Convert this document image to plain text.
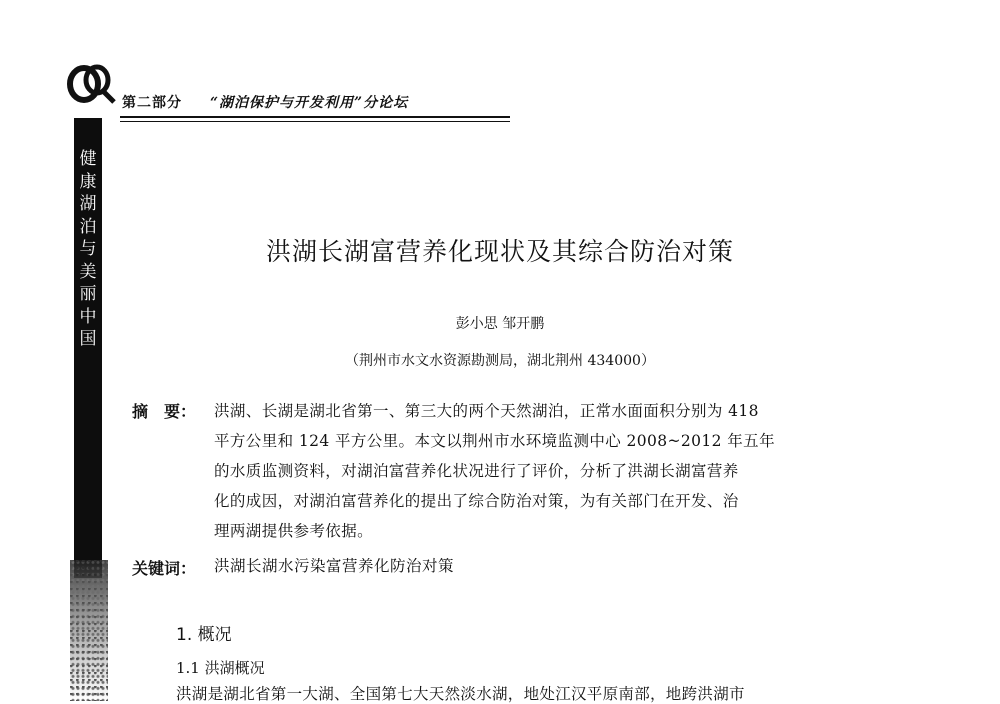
第二部分 “湖泊保护与开发利用”分论坛
健康湖泊与美丽中国
洪湖长湖富营养化现状及其综合防治对策
彭小思 邹开鹏
（荆州市水文水资源勘测局，湖北荆州 434000）
摘　要： 洪湖、长湖是湖北省第一、第三大的两个天然湖泊，正常水面面积分别为 418
平方公里和 124 平方公里。本文以荆州市水环境监测中心 2008~2012 年五年
的水质监测资料，对湖泊富营养化状况进行了评价，分析了洪湖长湖富营养
化的成因，对湖泊富营养化的提出了综合防治对策，为有关部门在开发、治
理两湖提供参考依据。
关键词： 洪湖长湖水污染富营养化防治对策
1. 概况
1.1 洪湖概况
洪湖是湖北省第一大湖、全国第七大天然淡水湖，地处江汉平原南部，地跨洪湖市
